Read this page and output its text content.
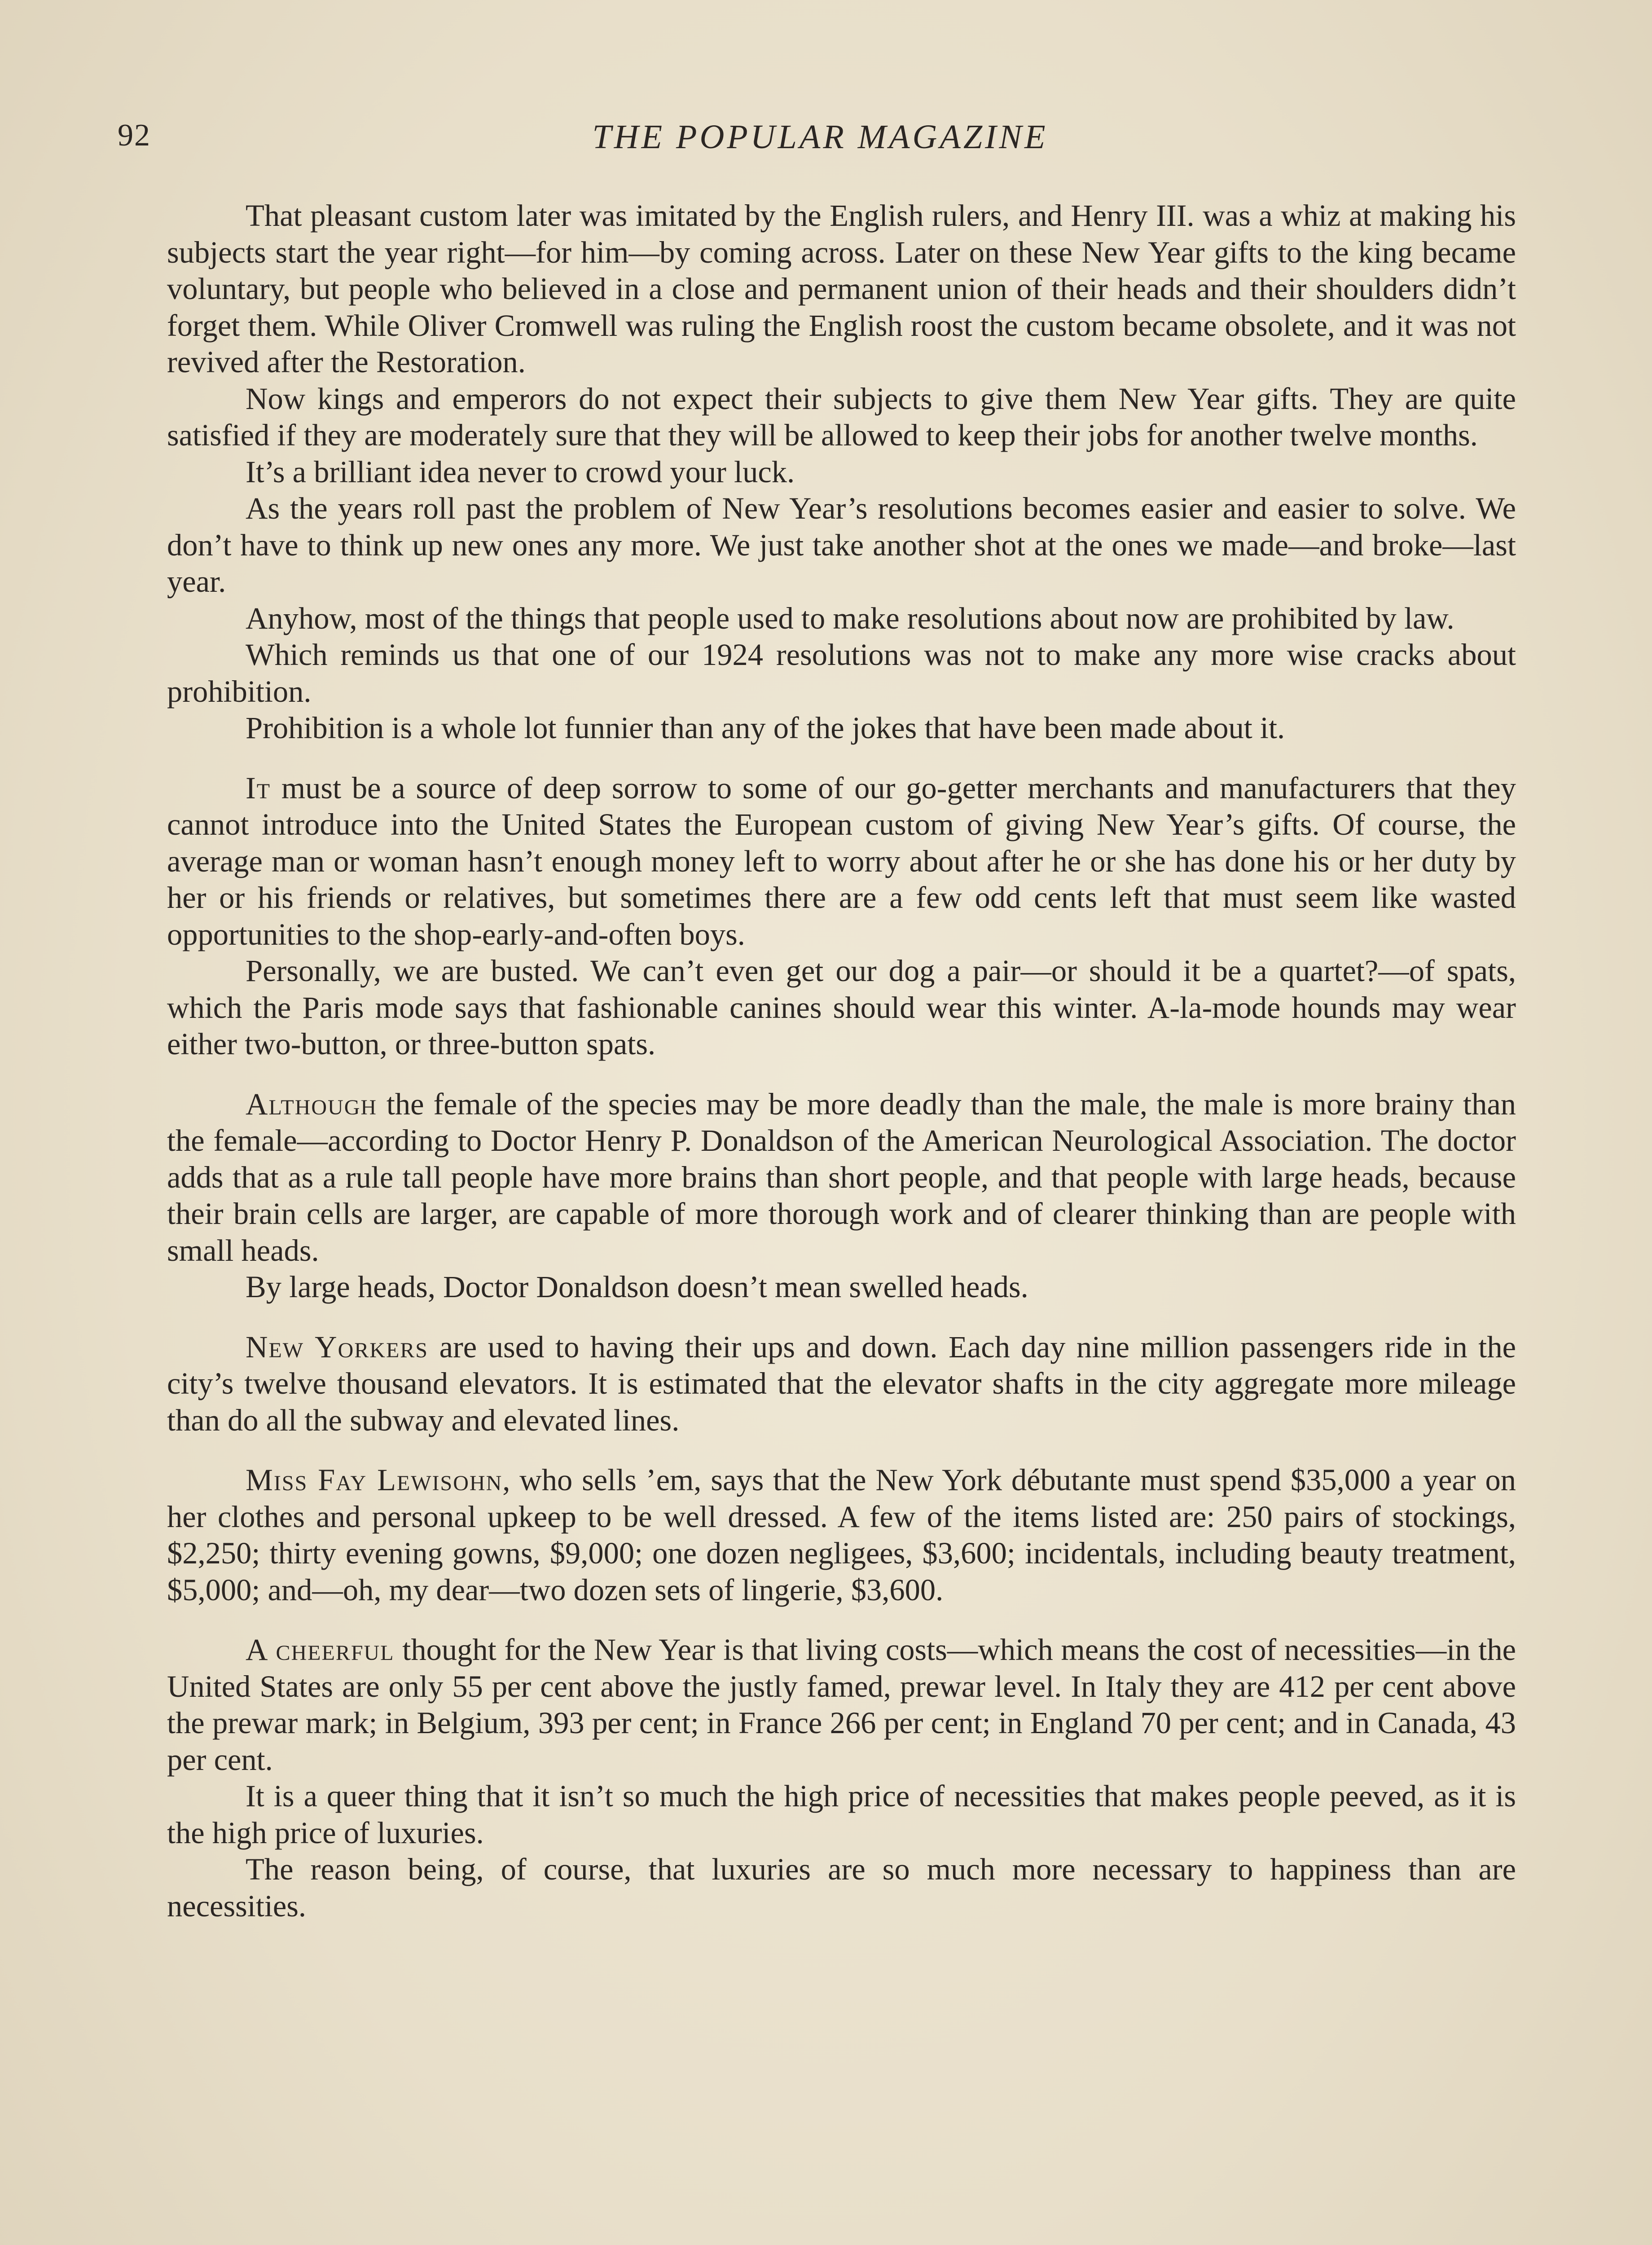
92	THE POPULAR MAGAZINE

That pleasant custom later was imitated by the English rulers, and Henry III. was a whiz at making his subjects start the year right—for him—by coming across. Later on these New Year gifts to the king became voluntary, but people who believed in a close and permanent union of their heads and their shoulders didn’t forget them. While Oliver Cromwell was ruling the English roost the custom became obsolete, and it was not revived after the Restoration.

Now kings and emperors do not expect their subjects to give them New Year gifts. They are quite satisfied if they are moderately sure that they will be allowed to keep their jobs for another twelve months.

It’s a brilliant idea never to crowd your luck.

As the years roll past the problem of New Year’s resolutions becomes easier and easier to solve. We don’t have to think up new ones any more. We just take another shot at the ones we made—and broke—last year.

Anyhow, most of the things that people used to make resolutions about now are prohibited by law.

Which reminds us that one of our 1924 resolutions was not to make any more wise cracks about prohibition.

Prohibition is a whole lot funnier than any of the jokes that have been made about it.

It must be a source of deep sorrow to some of our go-getter merchants and manufacturers that they cannot introduce into the United States the European custom of giving New Year’s gifts. Of course, the average man or woman hasn’t enough money left to worry about after he or she has done his or her duty by her or his friends or relatives, but sometimes there are a few odd cents left that must seem like wasted opportunities to the shop-early-and-often boys.

Personally, we are busted. We can’t even get our dog a pair—or should it be a quartet?—of spats, which the Paris mode says that fashionable canines should wear this winter. A-la-mode hounds may wear either two-button, or three-button spats.

Although the female of the species may be more deadly than the male, the male is more brainy than the female—according to Doctor Henry P. Donaldson of the American Neurological Association. The doctor adds that as a rule tall people have more brains than short people, and that people with large heads, because their brain cells are larger, are capable of more thorough work and of clearer thinking than are people with small heads.

By large heads, Doctor Donaldson doesn’t mean swelled heads.

New Yorkers are used to having their ups and down. Each day nine million passengers ride in the city’s twelve thousand elevators. It is estimated that the elevator shafts in the city aggregate more mileage than do all the subway and elevated lines.

Miss Fay Lewisohn, who sells ’em, says that the New York débutante must spend $35,000 a year on her clothes and personal upkeep to be well dressed. A few of the items listed are: 250 pairs of stockings, $2,250; thirty evening gowns, $9,000; one dozen negligees, $3,600; incidentals, including beauty treatment, $5,000; and—oh, my dear—two dozen sets of lingerie, $3,600.

A cheerful thought for the New Year is that living costs—which means the cost of necessities—in the United States are only 55 per cent above the justly famed, prewar level. In Italy they are 412 per cent above the prewar mark; in Belgium, 393 per cent; in France 266 per cent; in England 70 per cent; and in Canada, 43 per cent.

It is a queer thing that it isn’t so much the high price of necessities that makes people peeved, as it is the high price of luxuries.

The reason being, of course, that luxuries are so much more necessary to happiness than are necessities.
